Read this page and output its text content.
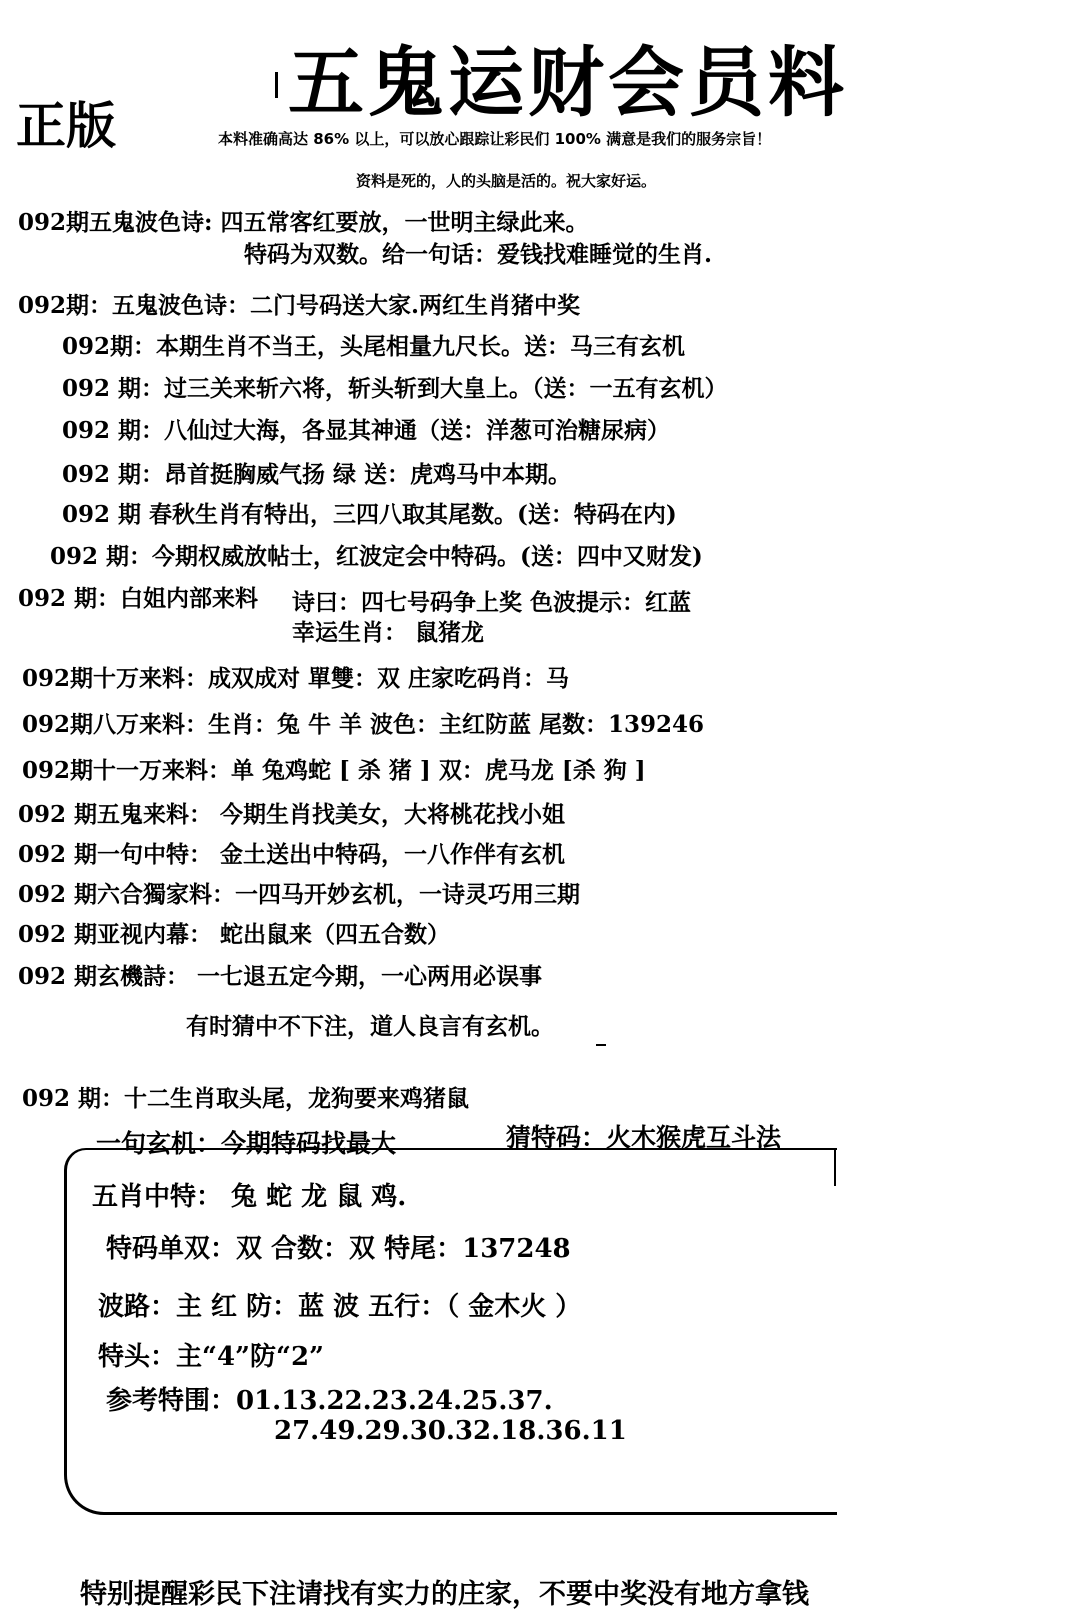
五鬼运财会员料
正版	本料准确高达 86% 以上，可以放心跟踪让彩民们 100% 满意是我们的服务宗旨！
资料是死的，人的头脑是活的。祝大家好运。
092期五鬼波色诗: 四五常客红要放，一世明主绿此来。
特码为双数。给一句话：爱钱找难睡觉的生肖.
092期：五鬼波色诗：二门号码送大家.两红生肖猪中奖
092期：本期生肖不当王，头尾相量九尺长。送：马三有玄机
092 期：过三关来斩六将，斩头斩到大皇上。（送：一五有玄机）
092 期：八仙过大海，各显其神通（送：洋葱可治糖尿病）
092 期：昂首挺胸威气扬 绿 送：虎鸡马中本期。
092 期 春秋生肖有特出，三四八取其尾数。(送：特码在内)
092 期：今期权威放帖士，红波定会中特码。(送：四中又财发)
092 期：白姐内部来料 诗曰：四七号码争上奖 色波提示：红蓝
幸运生肖： 鼠猪龙
092期十万来料：成双成对 單雙：双 庄家吃码肖：马
092期八万来料：生肖：兔 牛 羊 波色：主红防蓝 尾数：139246
092期十一万来料：单 兔鸡蛇 [ 杀 猪 ] 双：虎马龙 [杀 狗 ]
092 期五鬼来料： 今期生肖找美女，大将桃花找小姐
092 期一句中特： 金土送出中特码，一八作伴有玄机
092 期六合獨家料：一四马开妙玄机，一诗灵巧用三期
092 期亚视内幕： 蛇出鼠来（四五合数）
092 期玄機詩： 一七退五定今期，一心两用必误事
有时猜中不下注，道人良言有玄机。
092 期：十二生肖取头尾，龙狗要来鸡猪鼠
一句玄机：今期特码找最大	猜特码：火木猴虎互斗法
五肖中特： 兔 蛇 龙 鼠 鸡.
特码单双：双 合数：双 特尾：137248
波路：主 红 防：蓝 波 五行：（ 金木火 ）
特头：主“4”防“2”
参考特围：01.13.22.23.24.25.37.
27.49.29.30.32.18.36.11
特别提醒彩民下注请找有实力的庄家，不要中奖没有地方拿钱
